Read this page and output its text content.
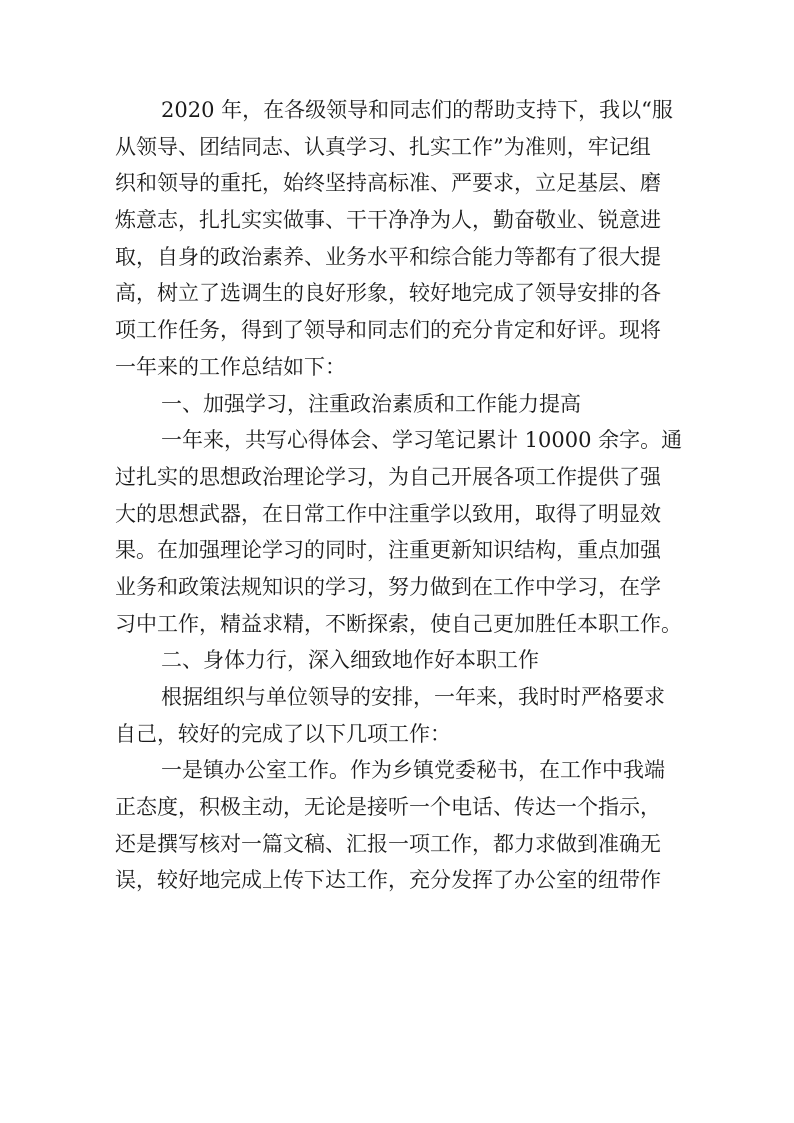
2020 年，在各级领导和同志们的帮助支持下，我以“服
从领导、团结同志、认真学习、扎实工作”为准则，牢记组
织和领导的重托，始终坚持高标准、严要求，立足基层、磨
炼意志，扎扎实实做事、干干净净为人，勤奋敬业、锐意进
取，自身的政治素养、业务水平和综合能力等都有了很大提
高，树立了选调生的良好形象，较好地完成了领导安排的各
项工作任务，得到了领导和同志们的充分肯定和好评。现将
一年来的工作总结如下：
一、加强学习，注重政治素质和工作能力提高
一年来，共写心得体会、学习笔记累计 10000 余字。通
过扎实的思想政治理论学习，为自己开展各项工作提供了强
大的思想武器，在日常工作中注重学以致用，取得了明显效
果。在加强理论学习的同时，注重更新知识结构，重点加强
业务和政策法规知识的学习，努力做到在工作中学习，在学
习中工作，精益求精，不断探索，使自己更加胜任本职工作。
二、身体力行，深入细致地作好本职工作
根据组织与单位领导的安排，一年来，我时时严格要求
自己，较好的完成了以下几项工作：
一是镇办公室工作。作为乡镇党委秘书，在工作中我端
正态度，积极主动，无论是接听一个电话、传达一个指示，
还是撰写核对一篇文稿、汇报一项工作，都力求做到准确无
误，较好地完成上传下达工作，充分发挥了办公室的纽带作
